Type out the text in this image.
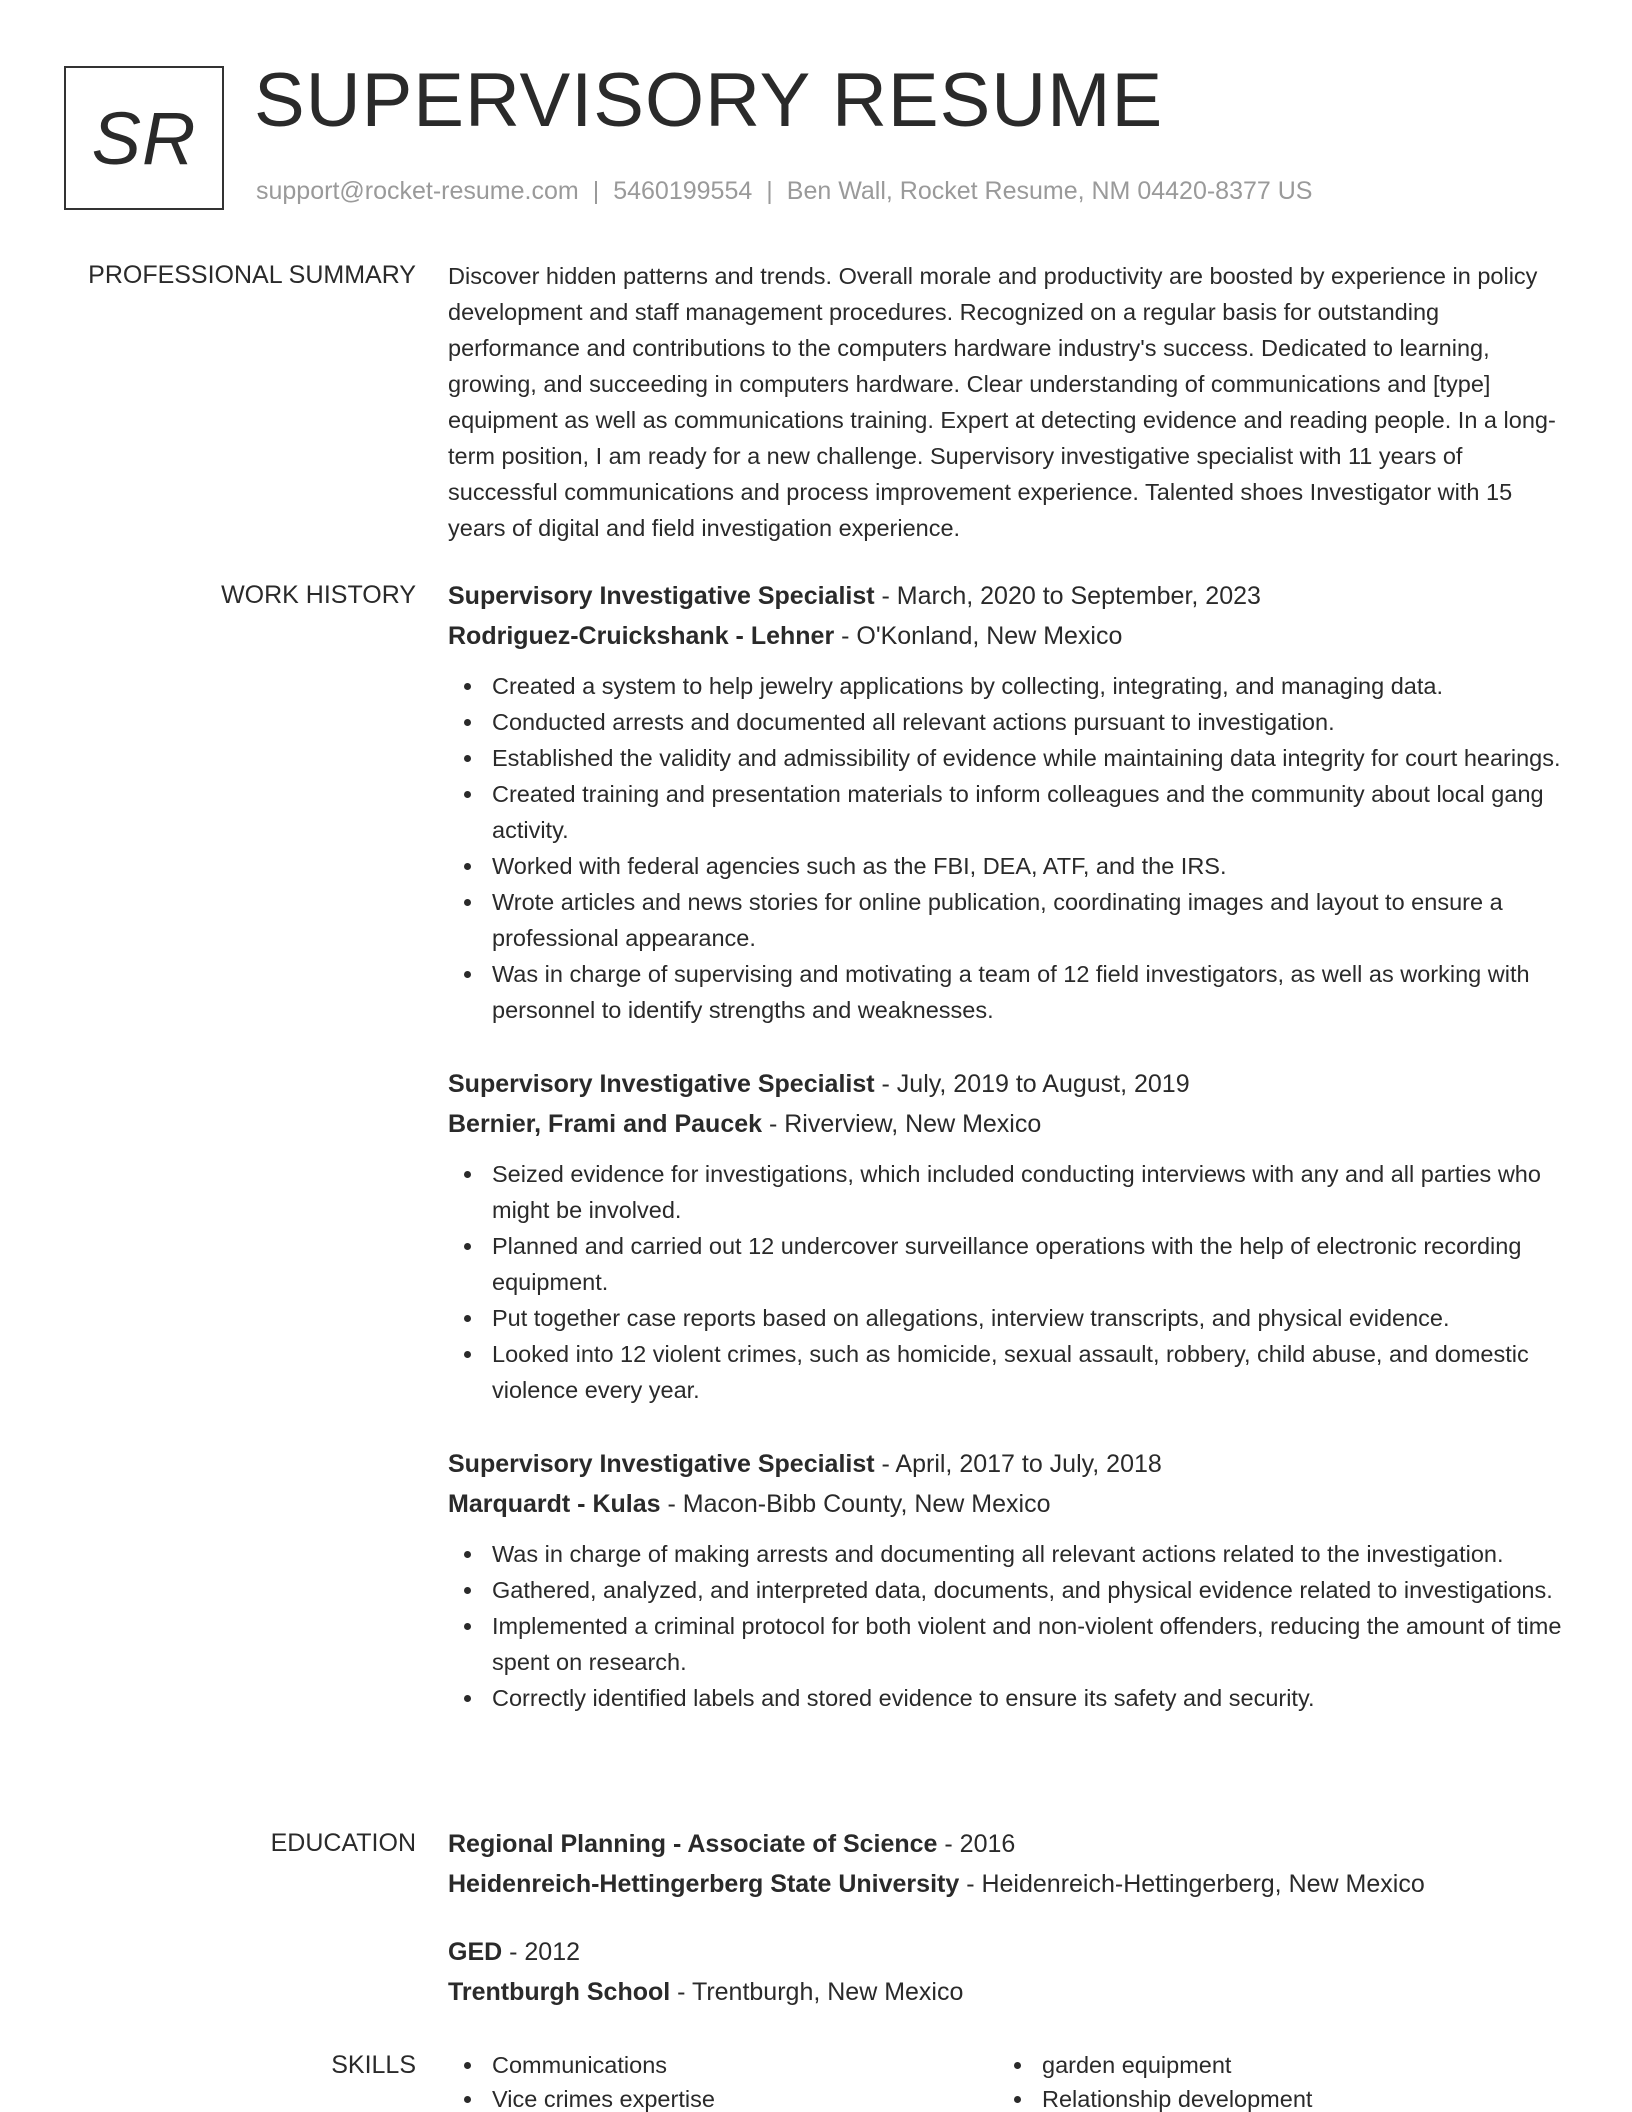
SR SUPERVISORY RESUME
support@rocket-resume.com | 5460199554 | Ben Wall, Rocket Resume, NM 04420-8377 US
PROFESSIONAL SUMMARY Discover hidden patterns and trends. Overall morale and productivity are boosted by experience in policy development and staff management procedures. Recognized on a regular basis for outstanding performance and contributions to the computers hardware industry's success. Dedicated to learning, growing, and succeeding in computers hardware. Clear understanding of communications and [type] equipment as well as communications training. Expert at detecting evidence and reading people. In a long-term position, I am ready for a new challenge. Supervisory investigative specialist with 11 years of successful communications and process improvement experience. Talented shoes Investigator with 15 years of digital and field investigation experience.

WORK HISTORY Supervisory Investigative Specialist - March, 2020 to September, 2023
Rodriguez-Cruickshank - Lehner - O'Konland, New Mexico
Created a system to help jewelry applications by collecting, integrating, and managing data.
Conducted arrests and documented all relevant actions pursuant to investigation.
Established the validity and admissibility of evidence while maintaining data integrity for court hearings.
Created training and presentation materials to inform colleagues and the community about local gang activity.
Worked with federal agencies such as the FBI, DEA, ATF, and the IRS.
Wrote articles and news stories for online publication, coordinating images and layout to ensure a professional appearance.
Was in charge of supervising and motivating a team of 12 field investigators, as well as working with personnel to identify strengths and weaknesses.
Supervisory Investigative Specialist - July, 2019 to August, 2019
Bernier, Frami and Paucek - Riverview, New Mexico
Seized evidence for investigations, which included conducting interviews with any and all parties who might be involved.
Planned and carried out 12 undercover surveillance operations with the help of electronic recording equipment.
Put together case reports based on allegations, interview transcripts, and physical evidence.
Looked into 12 violent crimes, such as homicide, sexual assault, robbery, child abuse, and domestic violence every year.
Supervisory Investigative Specialist - April, 2017 to July, 2018
Marquardt - Kulas - Macon-Bibb County, New Mexico
Was in charge of making arrests and documenting all relevant actions related to the investigation.
Gathered, analyzed, and interpreted data, documents, and physical evidence related to investigations.
Implemented a criminal protocol for both violent and non-violent offenders, reducing the amount of time spent on research.
Correctly identified labels and stored evidence to ensure its safety and security.
EDUCATION Regional Planning - Associate of Science - 2016
Heidenreich-Hettingerberg State University - Heidenreich-Hettingerberg, New Mexico
GED - 2012
Trentburgh School - Trentburgh, New Mexico
SKILLS	Communications
Vice crimes expertise
garden equipment
Relationship development
